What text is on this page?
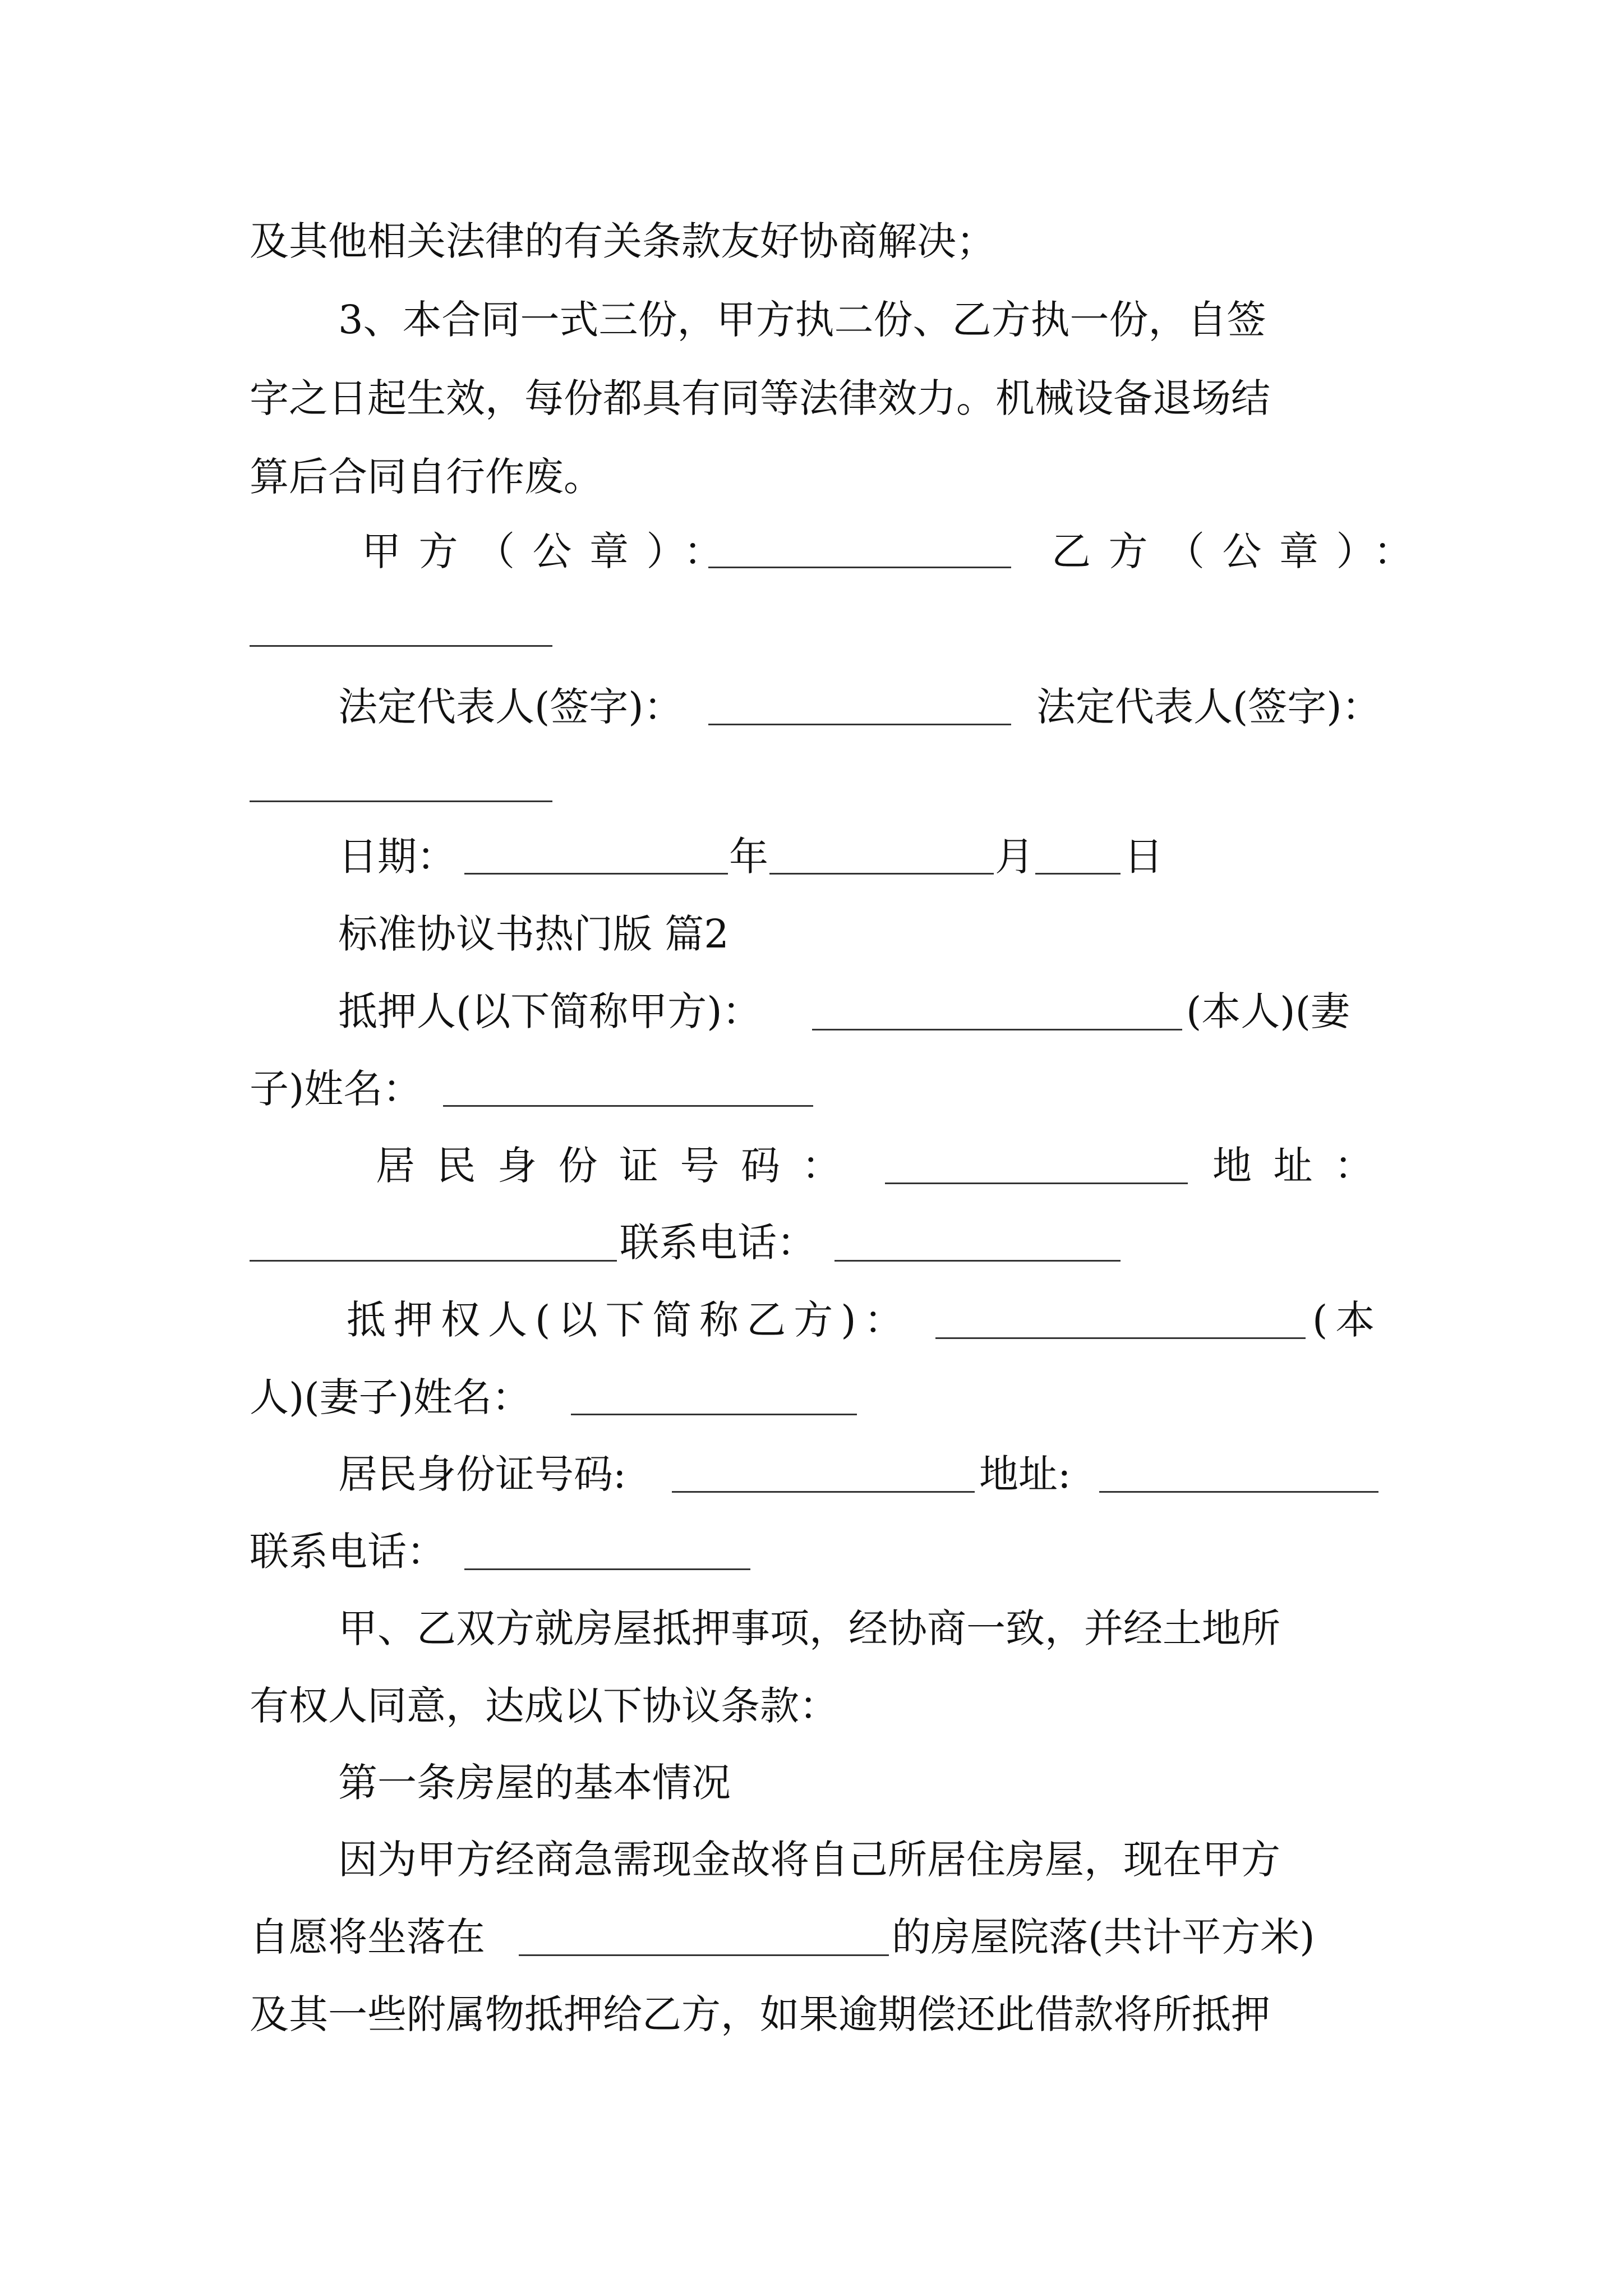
及其他相关法律的有关条款友好协商解决；
3、本合同一式三份，甲方执二份、乙方执一份，自签
字之日起生效，每份都具有同等法律效力。机械设备退场结
算后合同自行作废。
甲方（公章）：	乙方（公章）：
法定代表人(签字)：	法定代表人(签字)：
日期：	年	月 日
标准协议书热门版 篇2
抵押人(以下简称甲方)：	(本人)(妻
子)姓名：
居民身份证号码：	地址：
联系电话：
抵押权人(以下简称乙方)：	(本
人)(妻子)姓名：
居民身份证号码:	地址:
联系电话：
甲、乙双方就房屋抵押事项，经协商一致，并经土地所
有权人同意，达成以下协议条款：
第一条房屋的基本情况
因为甲方经商急需现金故将自己所居住房屋，现在甲方
自愿将坐落在	的房屋院落(共计平方米)
及其一些附属物抵押给乙方，如果逾期偿还此借款将所抵押
